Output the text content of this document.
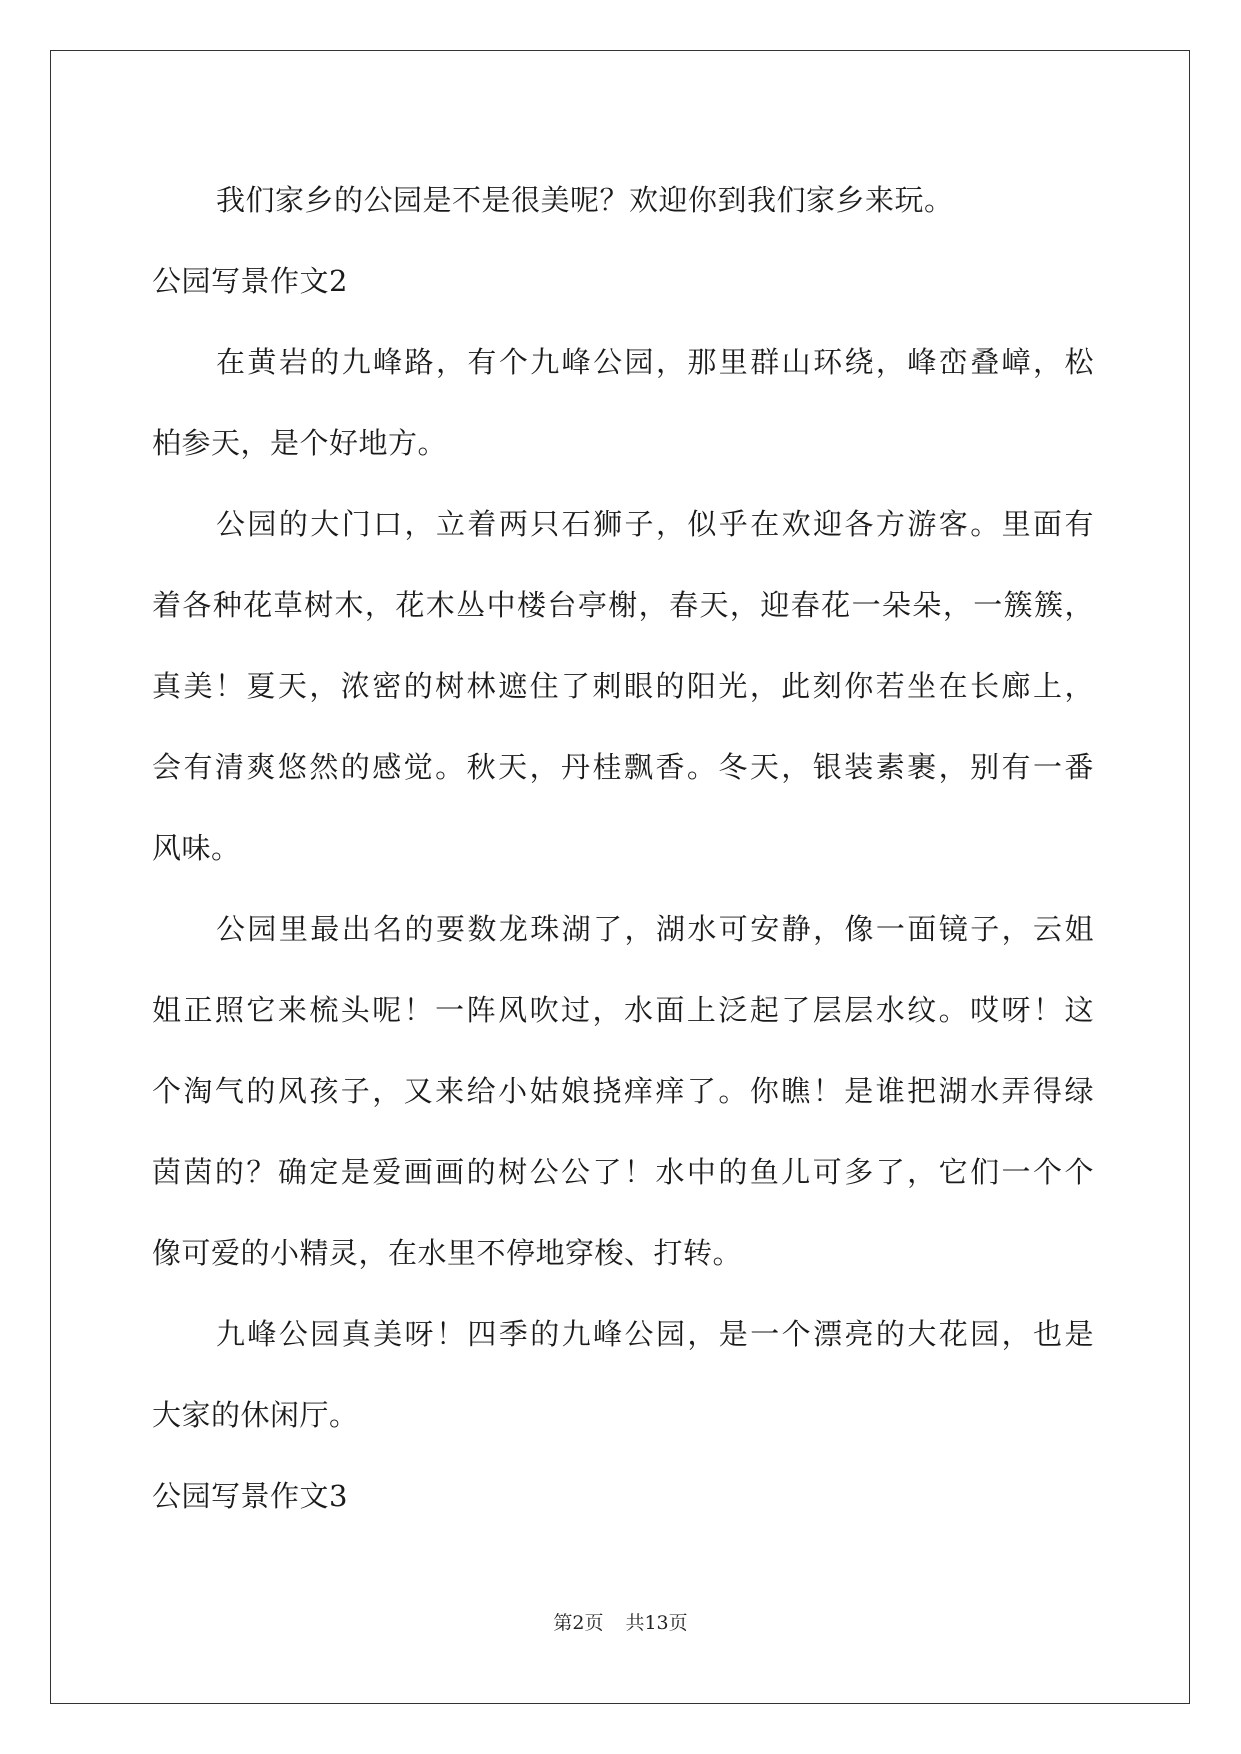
我们家乡的公园是不是很美呢？欢迎你到我们家乡来玩。
公园写景作文2
在黄岩的九峰路，有个九峰公园，那里群山环绕，峰峦叠嶂，松
柏参天，是个好地方。
公园的大门口，立着两只石狮子，似乎在欢迎各方游客。里面有
着各种花草树木，花木丛中楼台亭榭，春天，迎春花一朵朵，一簇簇，
真美！夏天，浓密的树林遮住了刺眼的阳光，此刻你若坐在长廊上，
会有清爽悠然的感觉。秋天，丹桂飘香。冬天，银装素裹，别有一番
风味。
公园里最出名的要数龙珠湖了，湖水可安静，像一面镜子，云姐
姐正照它来梳头呢！一阵风吹过，水面上泛起了层层水纹。哎呀！这
个淘气的风孩子，又来给小姑娘挠痒痒了。你瞧！是谁把湖水弄得绿
茵茵的？确定是爱画画的树公公了！水中的鱼儿可多了，它们一个个
像可爱的小精灵，在水里不停地穿梭、打转。
九峰公园真美呀！四季的九峰公园，是一个漂亮的大花园，也是
大家的休闲厅。
公园写景作文3
第2页 共13页
